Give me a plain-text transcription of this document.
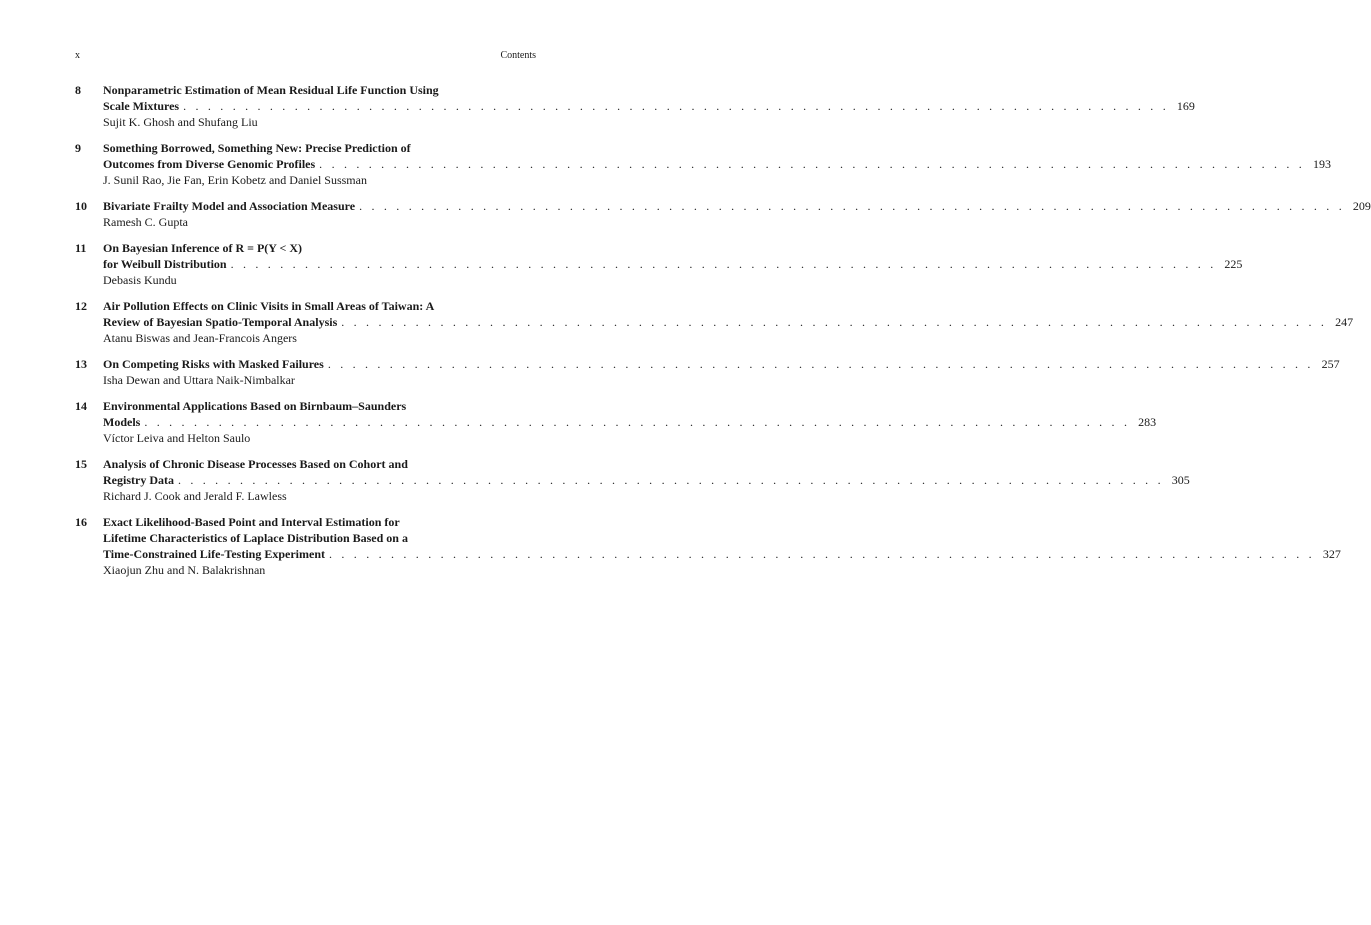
x	Contents
8 Nonparametric Estimation of Mean Residual Life Function Using
Scale Mixtures . . . . . . . . . . . . . . . . . . . . . . . . . . . . . . . . . . . . . . . . . . . . . . . . . . . . . . . . . . . . . . . . . . . . . . . . . . . . . . . . 169
Sujit K. Ghosh and Shufang Liu
9 Something Borrowed, Something New: Precise Prediction of
Outcomes from Diverse Genomic Profiles . . . . . . . . . . . . . . . . . . . . . . . . . . . . . . . . . . . . . . . . . . . . . . . . . . . . . . . . . . . . . . . . . . . . . . . . . . . . . . . . 193
J. Sunil Rao, Jie Fan, Erin Kobetz and Daniel Sussman
10 Bivariate Frailty Model and Association Measure . . . . . . . . . . . . . . . . . . . . . . . . . . . . . . . . . . . . . . . . . . . . . . . . . . . . . . . . . . . . . . . . . . . . . . . . . . . . . . . . 209
Ramesh C. Gupta
11 On Bayesian Inference of R = P(Y < X)
for Weibull Distribution . . . . . . . . . . . . . . . . . . . . . . . . . . . . . . . . . . . . . . . . . . . . . . . . . . . . . . . . . . . . . . . . . . . . . . . . . . . . . . . . 225
Debasis Kundu
12 Air Pollution Effects on Clinic Visits in Small Areas of Taiwan: A
Review of Bayesian Spatio-Temporal Analysis . . . . . . . . . . . . . . . . . . . . . . . . . . . . . . . . . . . . . . . . . . . . . . . . . . . . . . . . . . . . . . . . . . . . . . . . . . . . . . . . 247
Atanu Biswas and Jean-Francois Angers
13 On Competing Risks with Masked Failures . . . . . . . . . . . . . . . . . . . . . . . . . . . . . . . . . . . . . . . . . . . . . . . . . . . . . . . . . . . . . . . . . . . . . . . . . . . . . . . . 257
Isha Dewan and Uttara Naik-Nimbalkar
14 Environmental Applications Based on Birnbaum–Saunders
Models . . . . . . . . . . . . . . . . . . . . . . . . . . . . . . . . . . . . . . . . . . . . . . . . . . . . . . . . . . . . . . . . . . . . . . . . . . . . . . . . 283
Víctor Leiva and Helton Saulo
15 Analysis of Chronic Disease Processes Based on Cohort and
Registry Data . . . . . . . . . . . . . . . . . . . . . . . . . . . . . . . . . . . . . . . . . . . . . . . . . . . . . . . . . . . . . . . . . . . . . . . . . . . . . . . . 305
Richard J. Cook and Jerald F. Lawless
16 Exact Likelihood-Based Point and Interval Estimation for
Lifetime Characteristics of Laplace Distribution Based on a
Time-Constrained Life-Testing Experiment . . . . . . . . . . . . . . . . . . . . . . . . . . . . . . . . . . . . . . . . . . . . . . . . . . . . . . . . . . . . . . . . . . . . . . . . . . . . . . . . 327
Xiaojun Zhu and N. Balakrishnan
